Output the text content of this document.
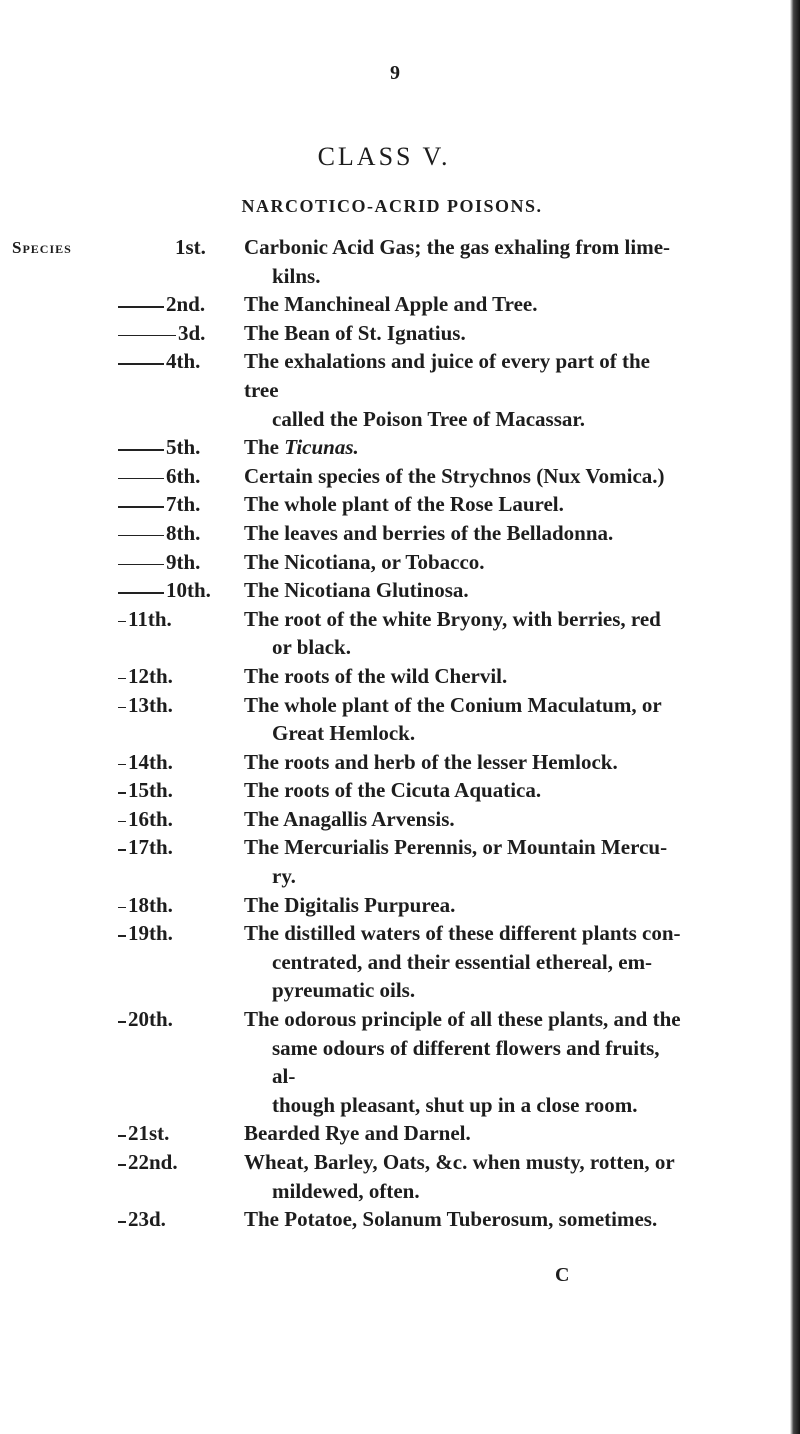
9
CLASS V.
NARCOTICO-ACRID POISONS.
Species	1st. Carbonic Acid Gas; the gas exhaling from lime-
kilns.
2nd. The Manchineal Apple and Tree.
3d. The Bean of St. Ignatius.
4th. The exhalations and juice of every part of the tree
called the Poison Tree of Macassar.
5th. The Ticunas.
6th. Certain species of the Strychnos (Nux Vomica.)
7th. The whole plant of the Rose Laurel.
8th. The leaves and berries of the Belladonna.
9th. The Nicotiana, or Tobacco.
10th. The Nicotiana Glutinosa.
11th.	The root of the white Bryony, with berries, red
or black.
12th.	The roots of the wild Chervil.
13th.	The whole plant of the Conium Maculatum, or
Great Hemlock.
14th.	The roots and herb of the lesser Hemlock.
15th.	The roots of the Cicuta Aquatica.
16th.	The Anagallis Arvensis.
17th.	The Mercurialis Perennis, or Mountain Mercu-
ry.
18th.	The Digitalis Purpurea.
19th.	The distilled waters of these different plants con-
centrated, and their essential ethereal, em-
pyreumatic oils.
20th.	The odorous principle of all these plants, and the
same odours of different flowers and fruits, al-
though pleasant, shut up in a close room.
21st.	Bearded Rye and Darnel.
22nd.	Wheat, Barley, Oats, &c. when musty, rotten, or
mildewed, often.
23d.	The Potatoe, Solanum Tuberosum, sometimes.
C
